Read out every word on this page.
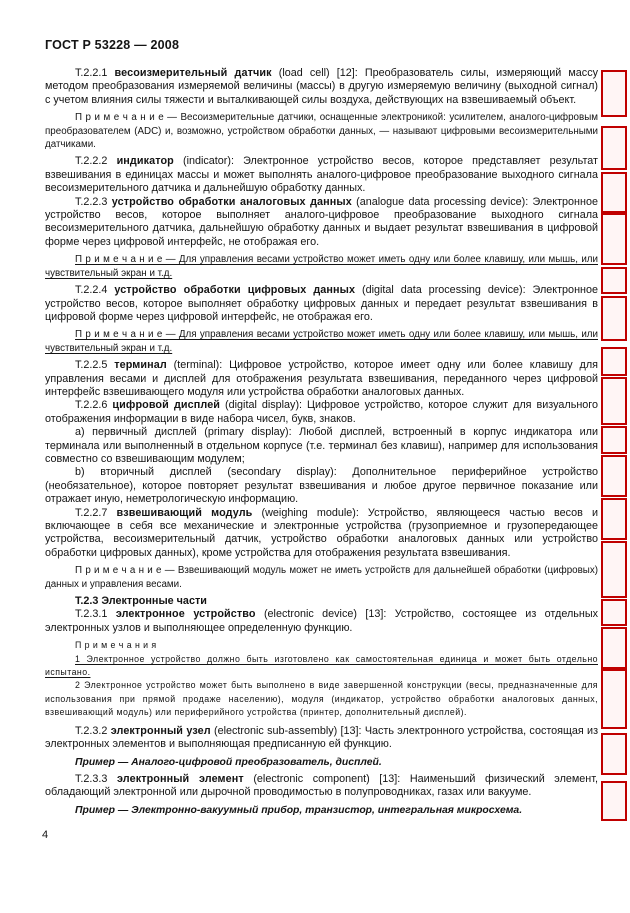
ГОСТ Р 53228 — 2008

Т.2.2.1 весоизмерительный датчик (load cell) [12]: Преобразователь силы, измеряющий массу методом преобразования измеряемой величины (массы) в другую измеряемую величину (выходной сигнал) с учетом влияния силы тяжести и выталкивающей силы воздуха, действующих на взвешиваемый объект.

П р и м е ч а н и е — Весоизмерительные датчики, оснащенные электроникой: усилителем, аналого-цифровым преобразователем (ADC) и, возможно, устройством обработки данных, — называют цифровыми весоизмерительными датчиками.

Т.2.2.2 индикатор (indicator): Электронное устройство весов, которое представляет результат взвешивания в единицах массы и может выполнять аналого-цифровое преобразование выходного сигнала весоизмерительного датчика и дальнейшую обработку данных.

Т.2.2.3 устройство обработки аналоговых данных (analogue data processing device): Электронное устройство весов, которое выполняет аналого-цифровое преобразование выходного сигнала весоизмерительного датчика, дальнейшую обработку данных и выдает результат взвешивания в цифровой форме через цифровой интерфейс, не отображая его.

П р и м е ч а н и е — Для управления весами устройство может иметь одну или более клавишу, или мышь, или чувствительный экран и т.д.

Т.2.2.4 устройство обработки цифровых данных (digital data processing device): Электронное устройство весов, которое выполняет обработку цифровых данных и передает результат взвешивания в цифровой форме через цифровой интерфейс, не отображая его.

П р и м е ч а н и е — Для управления весами устройство может иметь одну или более клавишу, или мышь, или чувствительный экран и т.д.

Т.2.2.5 терминал (terminal): Цифровое устройство, которое имеет одну или более клавишу для управления весами и дисплей для отображения результата взвешивания, переданного через цифровой интерфейс взвешивающего модуля или устройства обработки аналоговых данных.

Т.2.2.6 цифровой дисплей (digital display): Цифровое устройство, которое служит для визуального отображения информации в виде набора чисел, букв, знаков.

a) первичный дисплей (primary display): Любой дисплей, встроенный в корпус индикатора или терминала или выполненный в отдельном корпусе (т.е. терминал без клавиш), например для использования совместно со взвешивающим модулем;

b) вторичный дисплей (secondary display): Дополнительное периферийное устройство (необязательное), которое повторяет результат взвешивания и любое другое первичное показание или отражает иную, неметрологическую информацию.

Т.2.2.7 взвешивающий модуль (weighing module): Устройство, являющееся частью весов и включающее в себя все механические и электронные устройства (грузоприемное и грузопередающее устройства, весоизмерительный датчик, устройство обработки аналоговых данных или устройство обработки цифровых данных), кроме устройства для отображения результата взвешивания.

П р и м е ч а н и е — Взвешивающий модуль может не иметь устройств для дальнейшей обработки (цифровых) данных и управления весами.

Т.2.3 Электронные части

Т.2.3.1 электронное устройство (electronic device) [13]: Устройство, состоящее из отдельных электронных узлов и выполняющее определенную функцию.

П р и м е ч а н и я

1 Электронное устройство должно быть изготовлено как самостоятельная единица и может быть отдельно испытано.

2 Электронное устройство может быть выполнено в виде завершенной конструкции (весы, предназначенные для использования при прямой продаже населению), модуля (индикатор, устройство обработки аналоговых данных, взвешивающий модуль) или периферийного устройства (принтер, дополнительный дисплей).

Т.2.3.2 электронный узел (electronic sub-assembly) [13]: Часть электронного устройства, состоящая из электронных элементов и выполняющая предписанную ей функцию.

Пример — Аналого-цифровой преобразователь, дисплей.

Т.2.3.3 электронный элемент (electronic component) [13]: Наименьший физический элемент, обладающий электронной или дырочной проводимостью в полупроводниках, газах или вакууме.

Пример — Электронно-вакуумный прибор, транзистор, интегральная микросхема.

4
